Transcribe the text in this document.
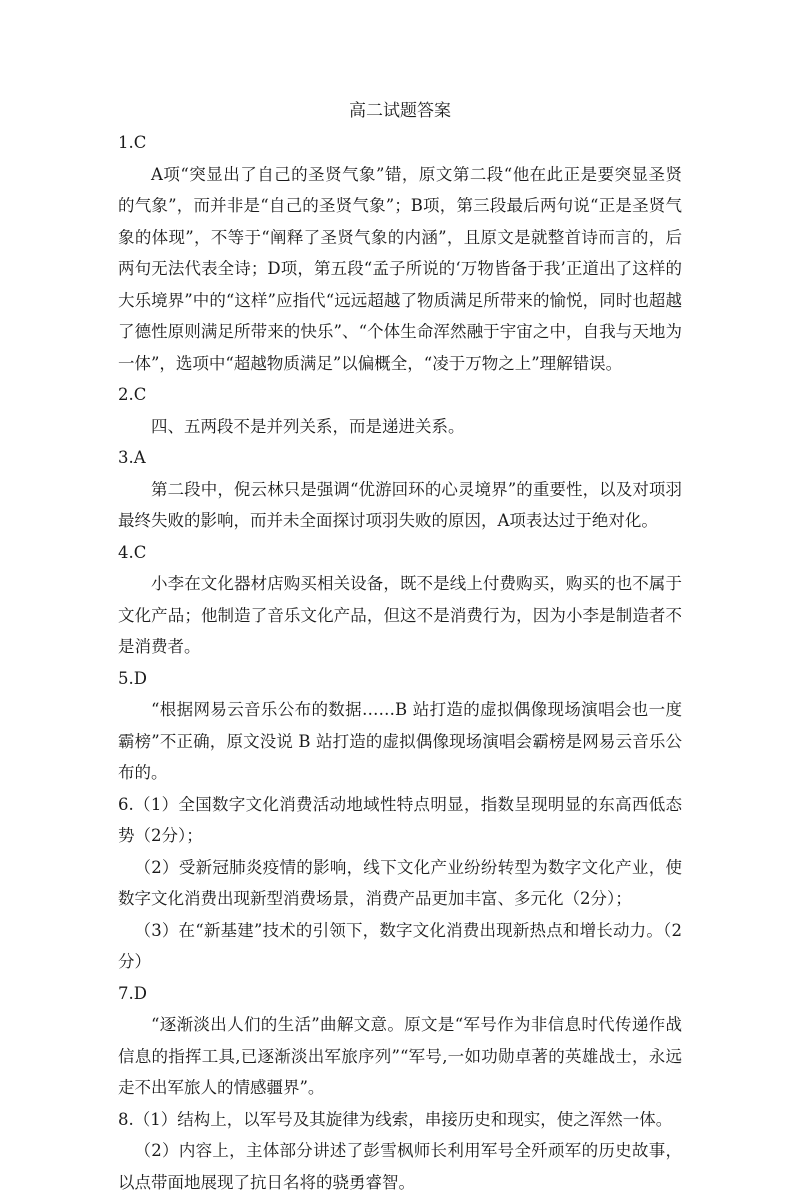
高二试题答案

1.C

A项“突显出了自己的圣贤气象”错，原文第二段“他在此正是要突显圣贤的气象”，而并非是“自己的圣贤气象”；B项，第三段最后两句说“正是圣贤气象的体现”，不等于“阐释了圣贤气象的内涵”，且原文是就整首诗而言的，后两句无法代表全诗；D项，第五段“孟子所说的‘万物皆备于我’正道出了这样的大乐境界”中的“这样”应指代“远远超越了物质满足所带来的愉悦，同时也超越了德性原则满足所带来的快乐”、“个体生命浑然融于宇宙之中，自我与天地为一体”，选项中“超越物质满足”以偏概全，“凌于万物之上”理解错误。

2.C

四、五两段不是并列关系，而是递进关系。

3.A

第二段中，倪云林只是强调“优游回环的心灵境界”的重要性，以及对项羽最终失败的影响，而并未全面探讨项羽失败的原因，A项表达过于绝对化。

4.C

小李在文化器材店购买相关设备，既不是线上付费购买，购买的也不属于文化产品；他制造了音乐文化产品，但这不是消费行为，因为小李是制造者不是消费者。

5.D

“根据网易云音乐公布的数据……B 站打造的虚拟偶像现场演唱会也一度霸榜”不正确，原文没说 B 站打造的虚拟偶像现场演唱会霸榜是网易云音乐公布的。

6.（1）全国数字文化消费活动地域性特点明显，指数呈现明显的东高西低态势（2分）；

（2）受新冠肺炎疫情的影响，线下文化产业纷纷转型为数字文化产业，使数字文化消费出现新型消费场景，消费产品更加丰富、多元化（2分）；

（3）在“新基建”技术的引领下，数字文化消费出现新热点和增长动力。（2分）

7.D

“逐渐淡出人们的生活”曲解文意。原文是“军号作为非信息时代传递作战信息的指挥工具,已逐渐淡出军旅序列”“军号,一如功勋卓著的英雄战士，永远走不出军旅人的情感疆界”。

8.（1）结构上，以军号及其旋律为线索，串接历史和现实，使之浑然一体。

（2）内容上，主体部分讲述了彭雪枫师长利用军号全歼顽军的历史故事，以点带面地展现了抗日名将的骁勇睿智。
